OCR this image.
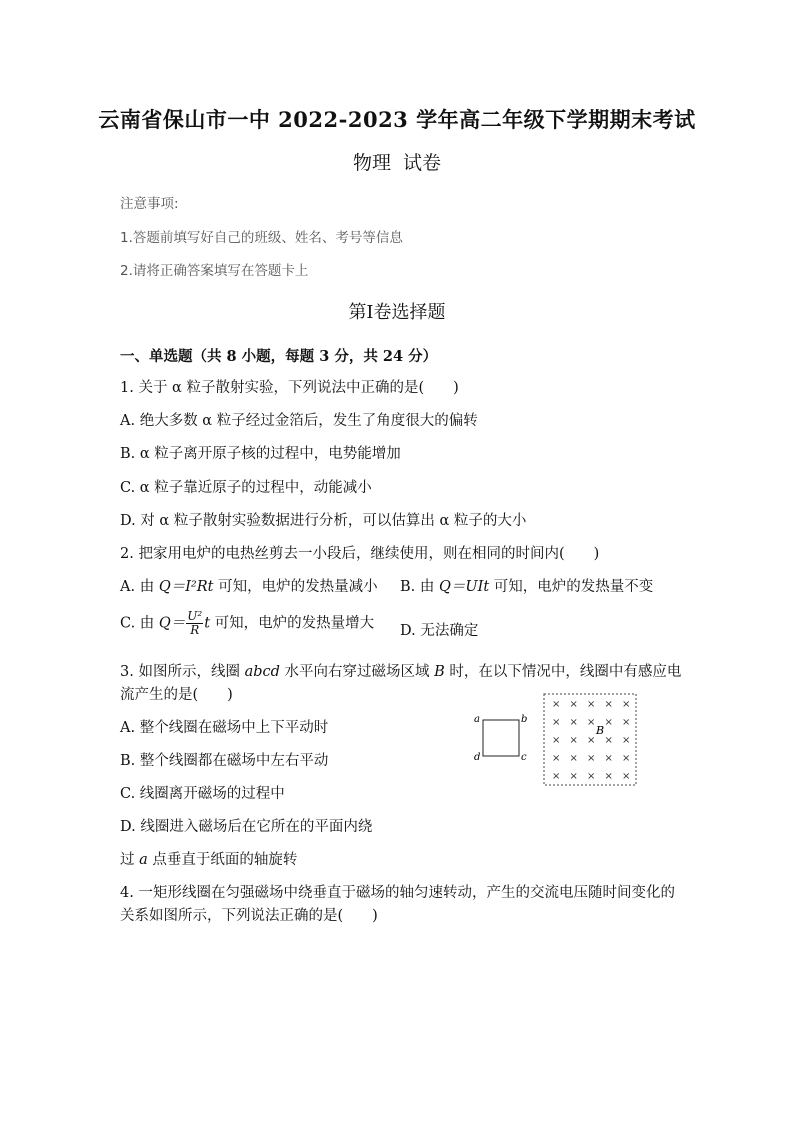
云南省保山市一中 2022-2023 学年高二年级下学期期末考试
物理 试卷
注意事项:
1.答题前填写好自己的班级、姓名、考号等信息
2.请将正确答案填写在答题卡上
第Ⅰ卷选择题
一、单选题（共 8 小题，每题 3 分，共 24 分）
1. 关于 α 粒子散射实验，下列说法中正确的是(　　)
A. 绝大多数 α 粒子经过金箔后，发生了角度很大的偏转
B. α 粒子离开原子核的过程中，电势能增加
C. α 粒子靠近原子的过程中，动能减小
D. 对 α 粒子散射实验数据进行分析，可以估算出 α 粒子的大小
2. 把家用电炉的电热丝剪去一小段后，继续使用，则在相同的时间内(　　)
A. 由 Q＝I²Rt 可知，电炉的发热量减小 B. 由 Q＝UIt 可知，电炉的发热量不变
C. 由 $Q= \frac{\text{U²}}{R}$ t 可知，电炉的发热量增大 D. 无法确定
3. 如图所示，线圈 abcd 水平向右穿过磁场区域 B 时，在以下情况中，线圈中有感应电
流产生的是(　　)
A. 整个线圈在磁场中上下平动时
B. 整个线圈都在磁场中左右平动
C. 线圈离开磁场的过程中
D. 线圈进入磁场后在它所在的平面内绕
过 a 点垂直于纸面的轴旋转
a	b
c
d
× × × × ×
× × × × ×
× × × × ×
× × × × ×
× × × × ×
B
4. 一矩形线圈在匀强磁场中绕垂直于磁场的轴匀速转动，产生的交流电压随时间变化的
关系如图所示，下列说法正确的是(　　)
